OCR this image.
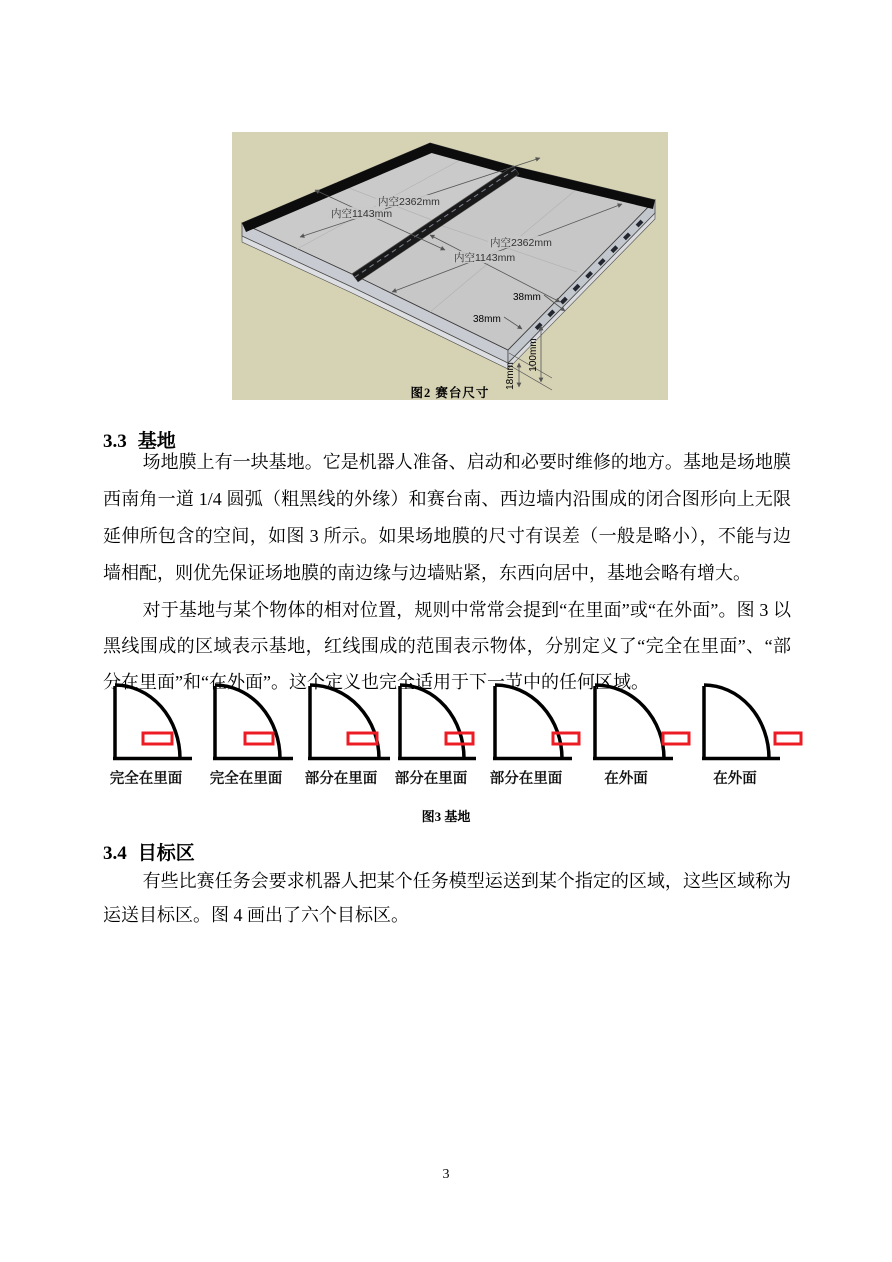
内空2362mm
内空1143mm
内空2362mm
内空1143mm
38mm
38mm
100mm
18mm
图2 赛台尺寸
3.3 基地
场地膜上有一块基地。它是机器人准备、启动和必要时维修的地方。基地是场地膜西南角一道 1/4 圆弧（粗黑线的外缘）和赛台南、西边墙内沿围成的闭合图形向上无限延伸所包含的空间，如图 3 所示。如果场地膜的尺寸有误差（一般是略小），不能与边墙相配，则优先保证场地膜的南边缘与边墙贴紧，东西向居中，基地会略有增大。
对于基地与某个物体的相对位置，规则中常常会提到“在里面”或“在外面”。图 3 以黑线围成的区域表示基地，红线围成的范围表示物体，分别定义了“完全在里面”、“部分在里面”和“在外面”。这个定义也完全适用于下一节中的任何区域。
完全在里面	完全在里面	部分在里面	部分在里面	部分在里面	在外面	在外面
图3 基地
3.4 目标区
有些比赛任务会要求机器人把某个任务模型运送到某个指定的区域，这些区域称为运送目标区。图 4 画出了六个目标区。
3
